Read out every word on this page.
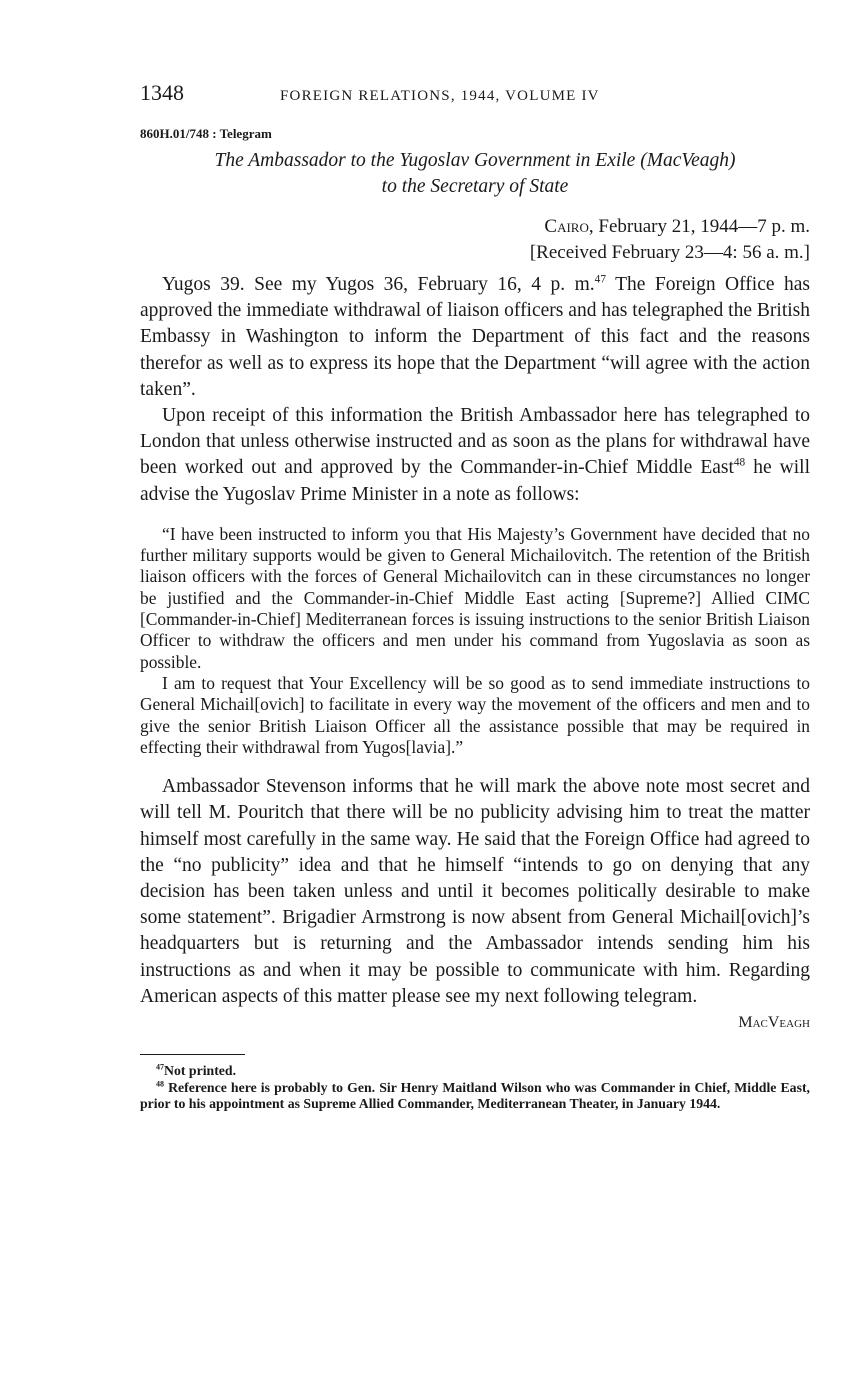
1348	FOREIGN RELATIONS, 1944, VOLUME IV
860H.01/748 : Telegram
The Ambassador to the Yugoslav Government in Exile (MacVeagh)
to the Secretary of State
Cairo, February 21, 1944—7 p. m.
[Received February 23—4: 56 a. m.]

Yugos 39. See my Yugos 36, February 16, 4 p. m.$^{47}$ The Foreign Office has approved the immediate withdrawal of liaison officers and has telegraphed the British Embassy in Washington to inform the Department of this fact and the reasons therefor as well as to express its hope that the Department “will agree with the action taken”.

Upon receipt of this information the British Ambassador here has telegraphed to London that unless otherwise instructed and as soon as the plans for withdrawal have been worked out and approved by the Commander-in-Chief Middle East$^{48}$ he will advise the Yugoslav Prime Minister in a note as follows:

“I have been instructed to inform you that His Majesty’s Government have decided that no further military supports would be given to General Michailovitch. The retention of the British liaison officers with the forces of General Michailovitch can in these circumstances no longer be justified and the Commander-in-Chief Middle East acting [Supreme?] Allied CIMC [Commander-in-Chief] Mediterranean forces is issuing instructions to the senior British Liaison Officer to withdraw the officers and men under his command from Yugoslavia as soon as possible.

I am to request that Your Excellency will be so good as to send immediate instructions to General Michail[ovich] to facilitate in every way the movement of the officers and men and to give the senior British Liaison Officer all the assistance possible that may be required in effecting their withdrawal from Yugos[lavia].”

Ambassador Stevenson informs that he will mark the above note most secret and will tell M. Pouritch that there will be no publicity advising him to treat the matter himself most carefully in the same way. He said that the Foreign Office had agreed to the “no publicity” idea and that he himself “intends to go on denying that any decision has been taken unless and until it becomes politically desirable to make some statement”. Brigadier Armstrong is now absent from General Michail[ovich]’s headquarters but is returning and the Ambassador intends sending him his instructions as and when it may be possible to communicate with him. Regarding American aspects of this matter please see my next following telegram.

MacVeagh

$^{47}$Not printed.

$^{48}$ Reference here is probably to Gen. Sir Henry Maitland Wilson who was Commander in Chief, Middle East, prior to his appointment as Supreme Allied Commander, Mediterranean Theater, in January 1944.
